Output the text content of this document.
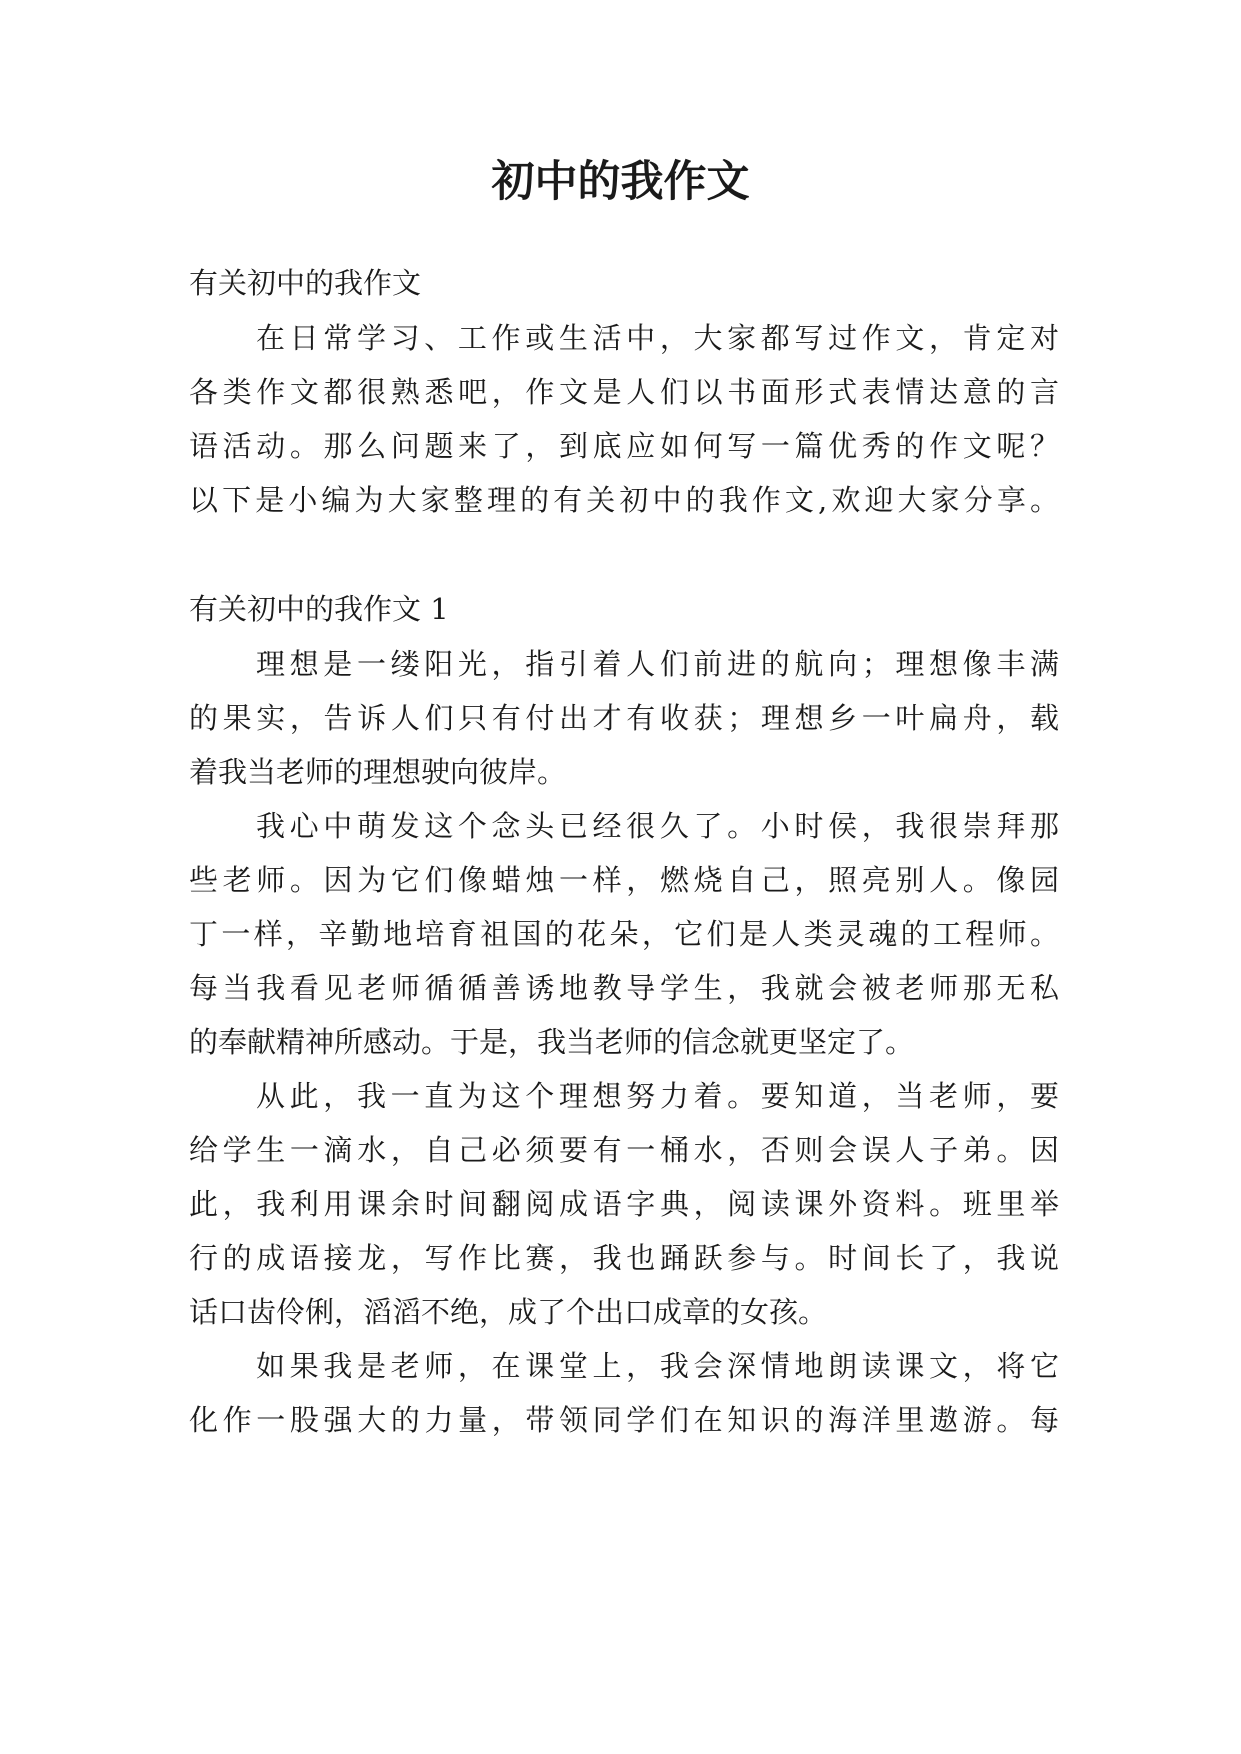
初中的我作文

有关初中的我作文

在日常学习、工作或生活中，大家都写过作文，肯定对

各类作文都很熟悉吧，作文是人们以书面形式表情达意的言

语活动。那么问题来了，到底应如何写一篇优秀的作文呢？

以下是小编为大家整理的有关初中的我作文,欢迎大家分享。

有关初中的我作文 1

理想是一缕阳光，指引着人们前进的航向；理想像丰满

的果实，告诉人们只有付出才有收获；理想乡一叶扁舟，载

着我当老师的理想驶向彼岸。

我心中萌发这个念头已经很久了。小时侯，我很崇拜那

些老师。因为它们像蜡烛一样，燃烧自己，照亮别人。像园

丁一样，辛勤地培育祖国的花朵，它们是人类灵魂的工程师。

每当我看见老师循循善诱地教导学生，我就会被老师那无私

的奉献精神所感动。于是，我当老师的信念就更坚定了。

从此，我一直为这个理想努力着。要知道，当老师，要

给学生一滴水，自己必须要有一桶水，否则会误人子弟。因

此，我利用课余时间翻阅成语字典，阅读课外资料。班里举

行的成语接龙，写作比赛，我也踊跃参与。时间长了，我说

话口齿伶俐，滔滔不绝，成了个出口成章的女孩。

如果我是老师，在课堂上，我会深情地朗读课文，将它

化作一股强大的力量，带领同学们在知识的海洋里遨游。每
